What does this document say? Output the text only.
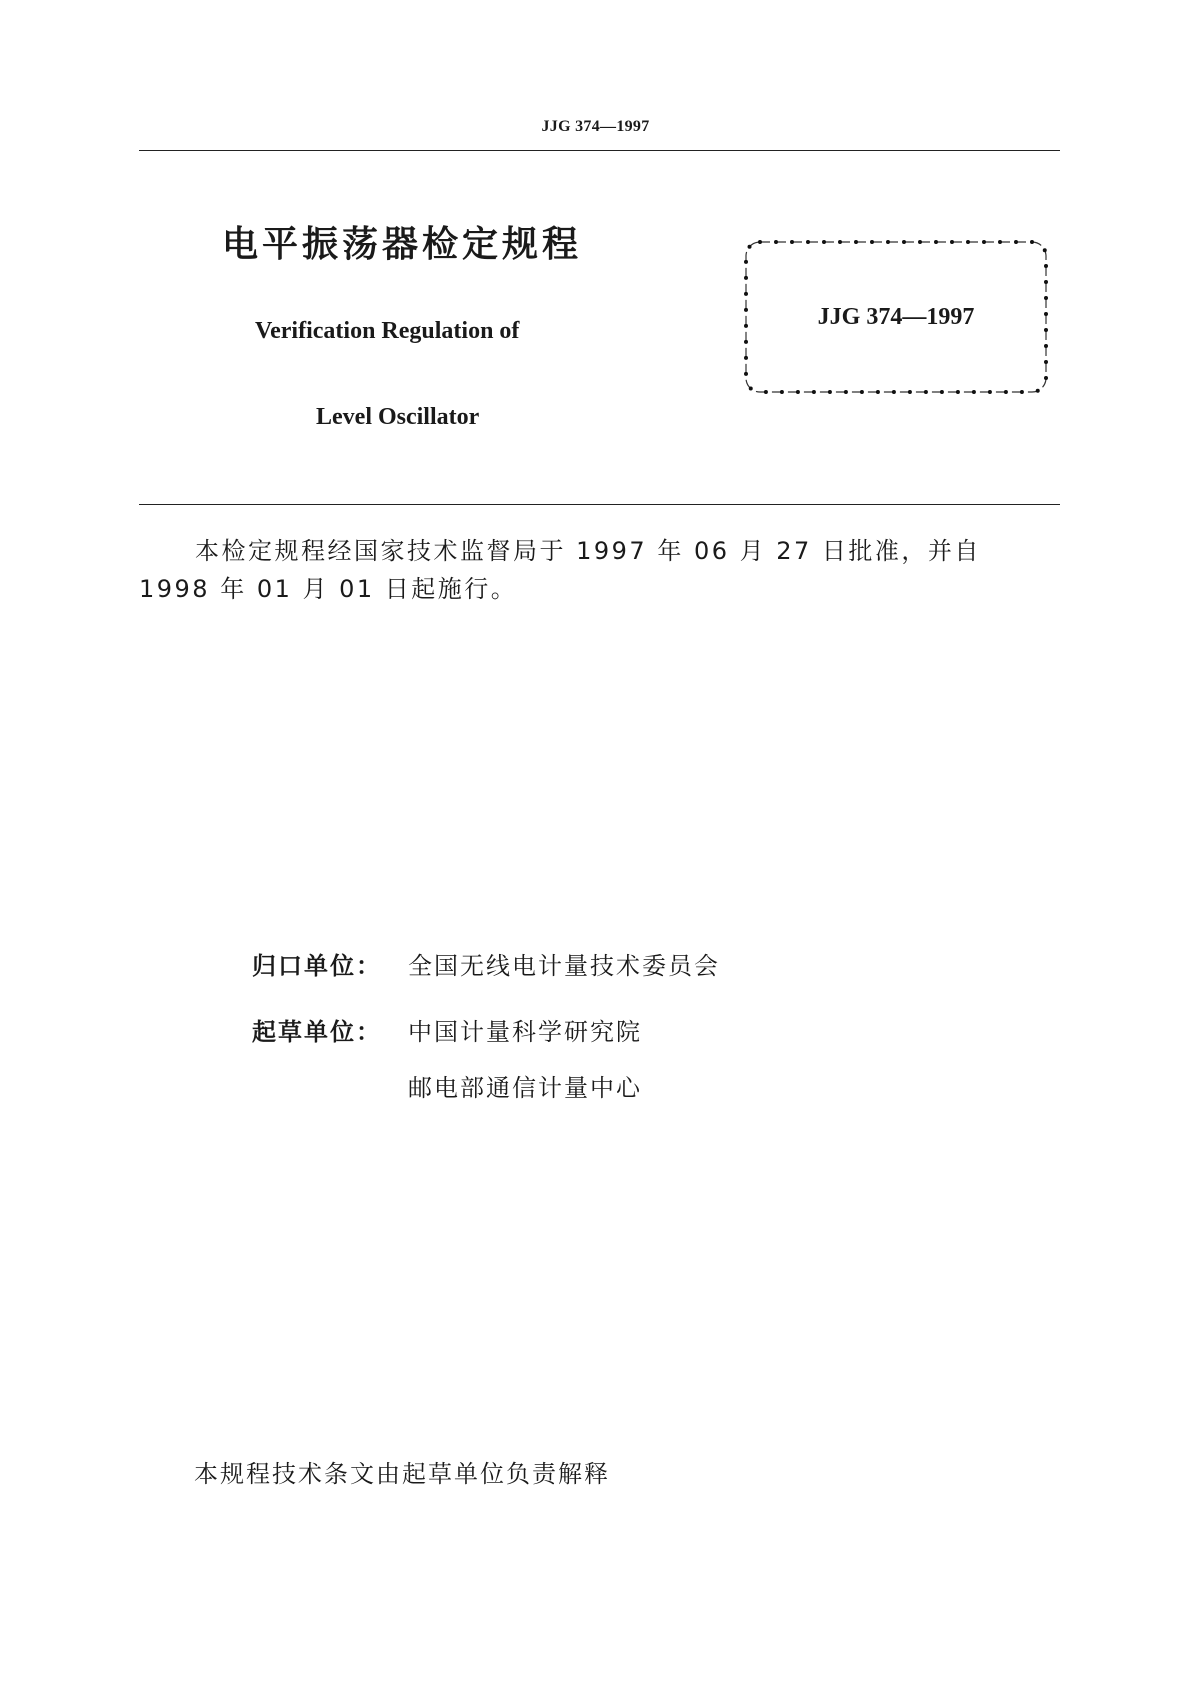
JJG 374—1997
电平振荡器检定规程
Verification Regulation of
Level Oscillator
JJG 374—1997

本检定规程经国家技术监督局于 1997 年 06 月 27 日批准，并自 1998 年 01 月 01 日起施行。

归口单位： 全国无线电计量技术委员会
起草单位： 中国计量科学研究院
邮电部通信计量中心
本规程技术条文由起草单位负责解释
